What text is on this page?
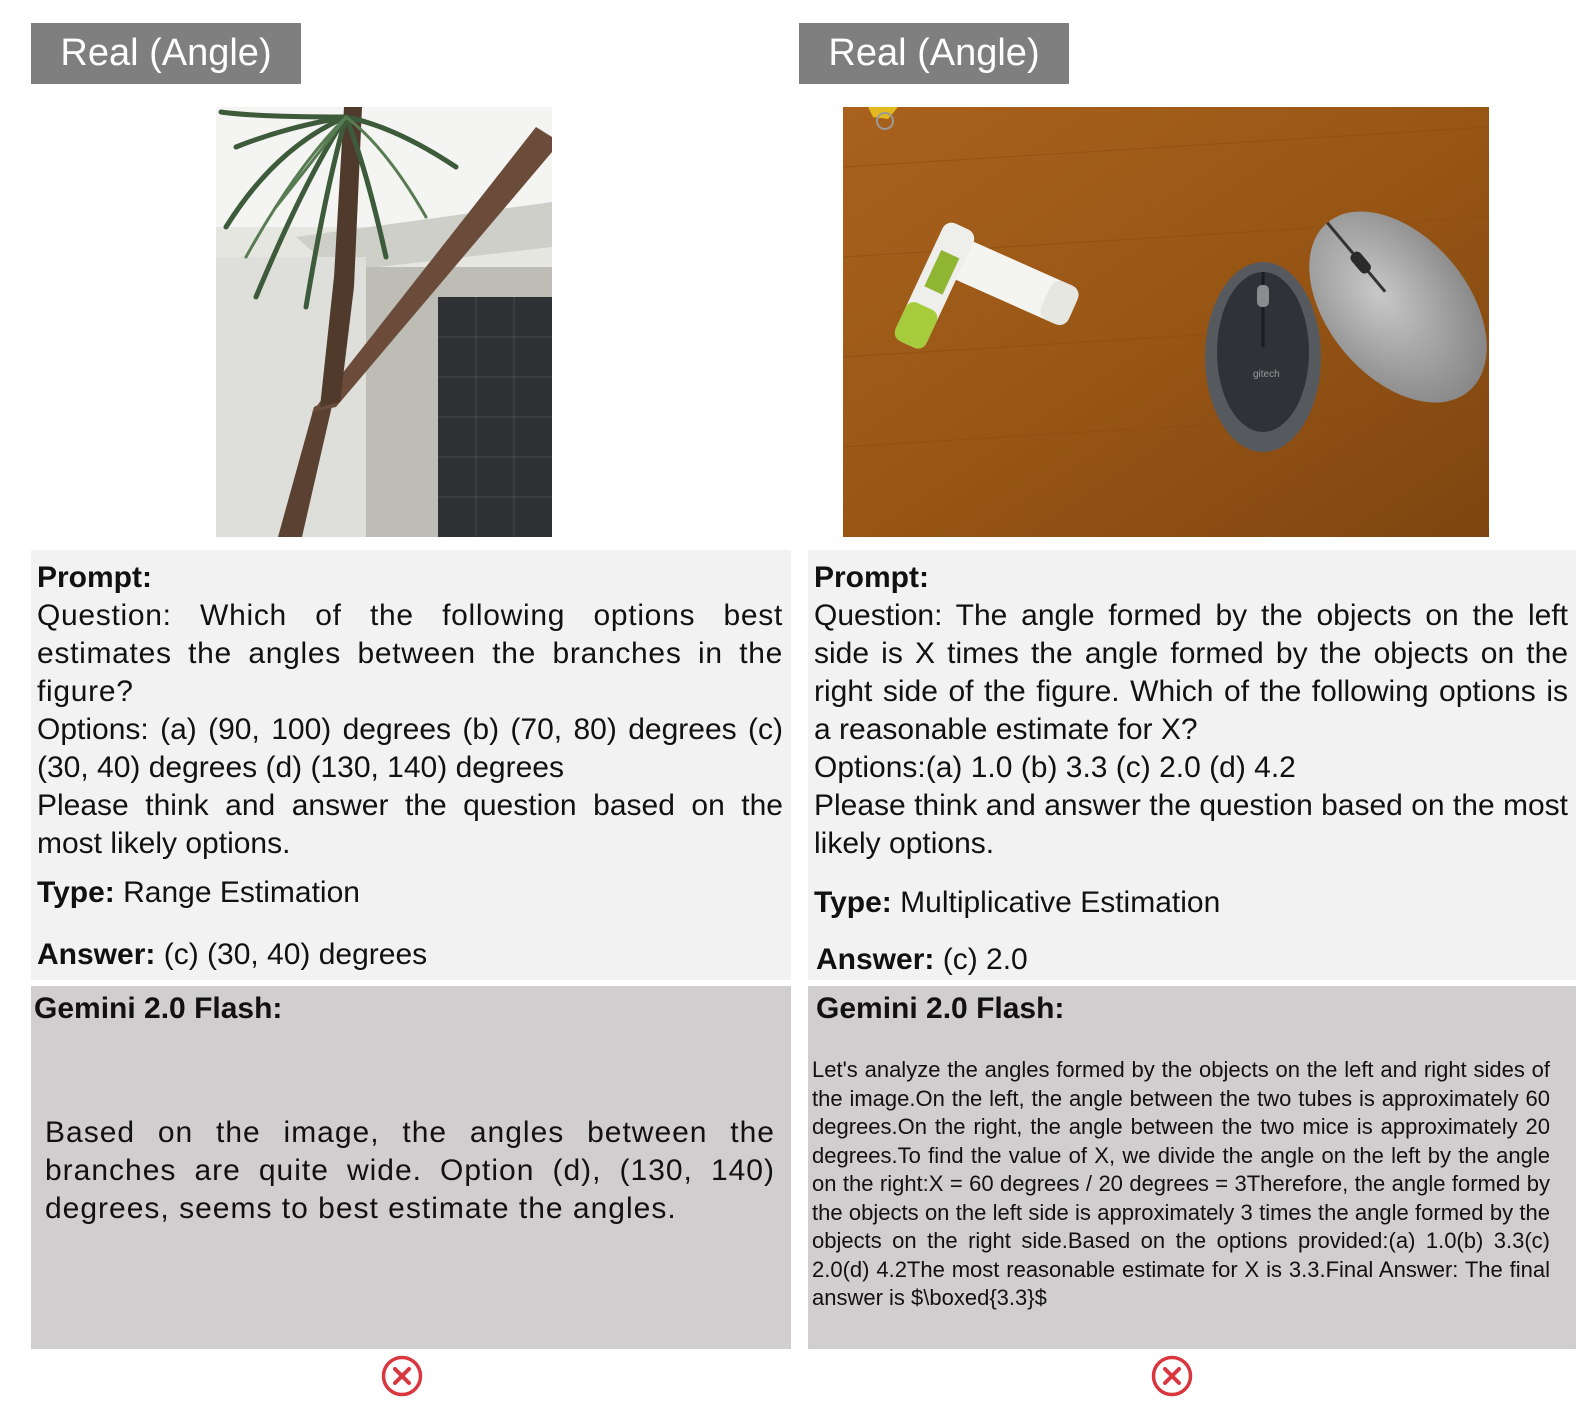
Real (Angle)
Prompt:

Question: Which of the following options best estimates the angles between the branches in the figure?

Options: (a) (90, 100) degrees (b) (70, 80) degrees (c) (30, 40) degrees (d) (130, 140) degrees

Please think and answer the question based on the most likely options.

Type: Range Estimation
Answer: (c) (30, 40) degrees
Gemini 2.0 Flash:
Based on the image, the angles between the branches are quite wide. Option (d), (130, 140) degrees, seems to best estimate the angles.
Real (Angle)
gitech
Prompt:

Question: The angle formed by the objects on the left side is X times the angle formed by the objects on the right side of the figure. Which of the following options is a reasonable estimate for X?

Options:(a) 1.0 (b) 3.3 (c) 2.0 (d) 4.2

Please think and answer the question based on the most likely options.

Type: Multiplicative Estimation
Answer: (c) 2.0
Gemini 2.0 Flash:
Let's analyze the angles formed by the objects on the left and right sides of the image.On the left, the angle between the two tubes is approximately 60 degrees.On the right, the angle between the two mice is approximately 20 degrees.To find the value of X, we divide the angle on the left by the angle on the right:X = 60 degrees / 20 degrees = 3Therefore, the angle formed by the objects on the left side is approximately 3 times the angle formed by the objects on the right side.Based on the options provided:(a) 1.0(b) 3.3(c) 2.0(d) 4.2The most reasonable estimate for X is 3.3.Final Answer: The final answer is $\boxed{3.3}$
